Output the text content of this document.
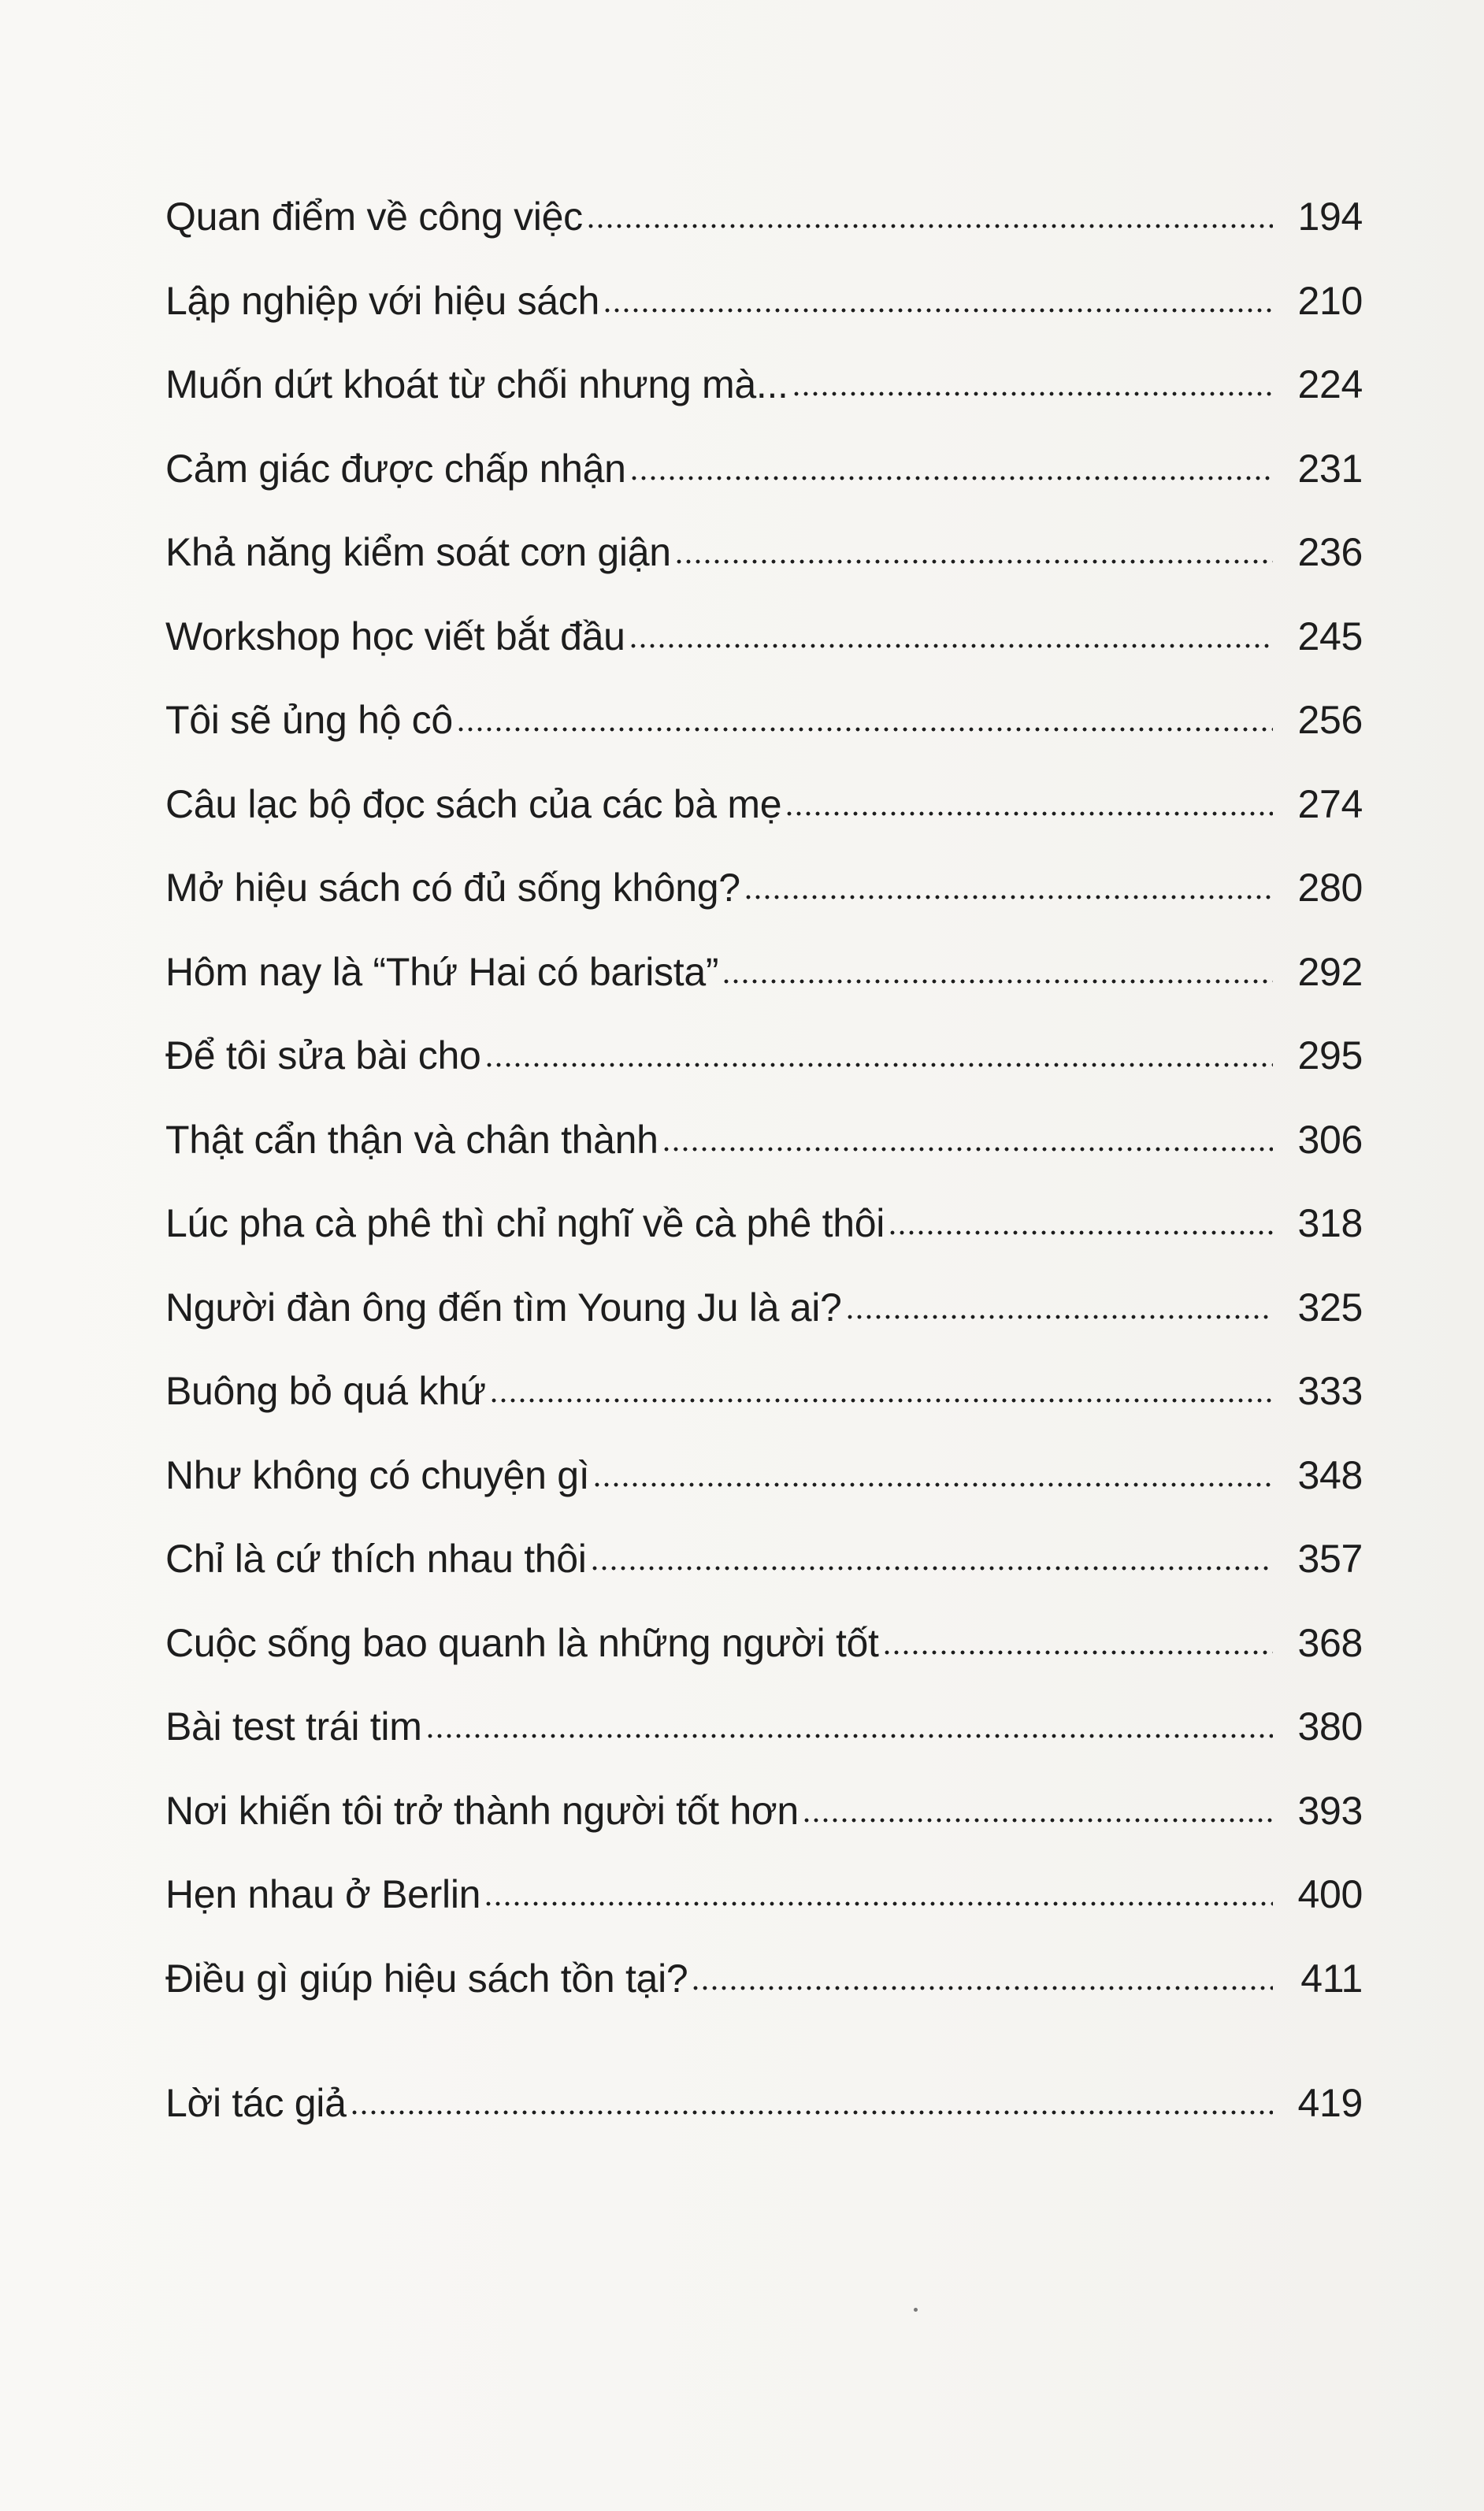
Quan điểm về công việc	194
Lập nghiệp với hiệu sách	210
Muốn dứt khoát từ chối nhưng mà...	224
Cảm giác được chấp nhận	231
Khả năng kiểm soát cơn giận	236
Workshop học viết bắt đầu	245
Tôi sẽ ủng hộ cô	256
Câu lạc bộ đọc sách của các bà mẹ	274
Mở hiệu sách có đủ sống không?	280
Hôm nay là “Thứ Hai có barista”	292
Để tôi sửa bài cho	295
Thật cẩn thận và chân thành	306
Lúc pha cà phê thì chỉ nghĩ về cà phê thôi	318
Người đàn ông đến tìm Young Ju là ai?	325
Buông bỏ quá khứ	333
Như không có chuyện gì	348
Chỉ là cứ thích nhau thôi	357
Cuộc sống bao quanh là những người tốt	368
Bài test trái tim	380
Nơi khiến tôi trở thành người tốt hơn	393
Hẹn nhau ở Berlin	400
Điều gì giúp hiệu sách tồn tại?	411
Lời tác giả	419
